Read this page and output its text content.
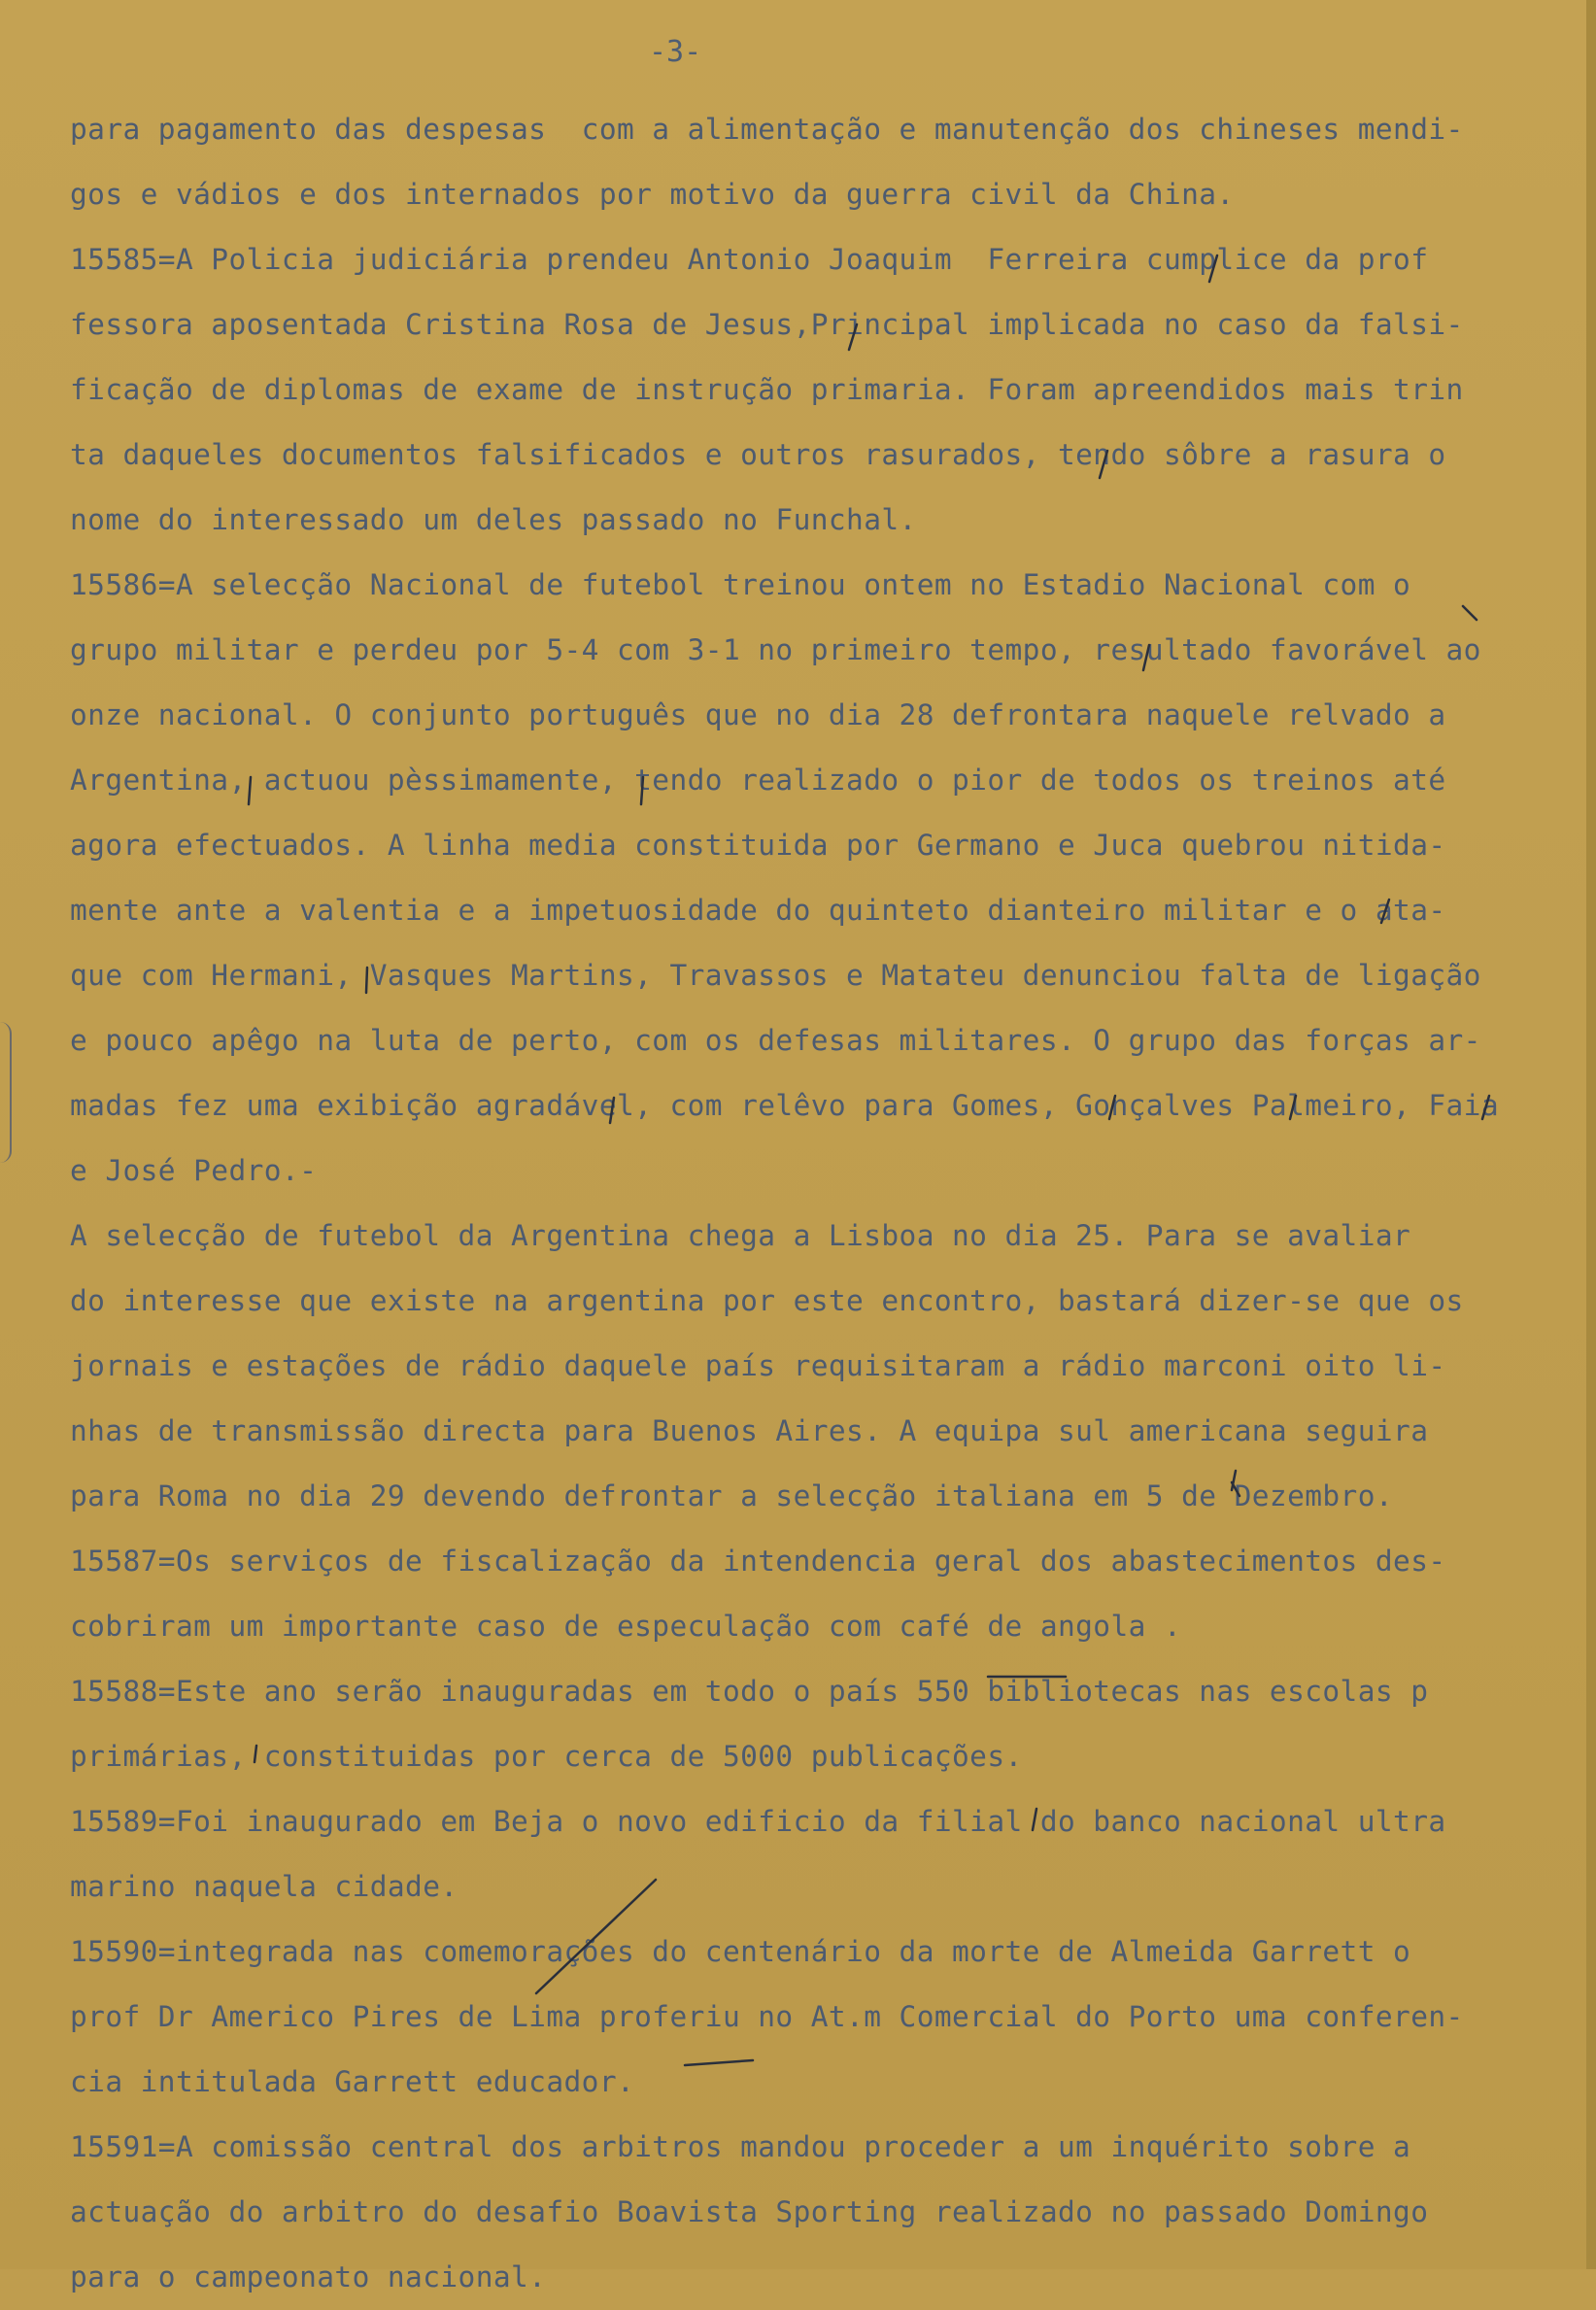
-3-

para pagamento das despesas  com a alimentação e manutenção dos chineses mendi-

gos e vádios e dos internados por motivo da guerra civil da China.

15585=A Policia judiciária prendeu Antonio Joaquim  Ferreira cumplice da prof

fessora aposentada Cristina Rosa de Jesus,Principal implicada no caso da falsi-

ficação de diplomas de exame de instrução primaria. Foram apreendidos mais trin

ta daqueles documentos falsificados e outros rasurados, tendo sôbre a rasura o

nome do interessado um deles passado no Funchal.

15586=A selecção Nacional de futebol treinou ontem no Estadio Nacional com o

grupo militar e perdeu por 5-4 com 3-1 no primeiro tempo, resultado favorável ao

onze nacional. O conjunto português que no dia 28 defrontara naquele relvado a

Argentina, actuou pèssimamente, tendo realizado o pior de todos os treinos até

agora efectuados. A linha media constituida por Germano e Juca quebrou nitida-

mente ante a valentia e a impetuosidade do quinteto dianteiro militar e o ata-

que com Hermani, Vasques Martins, Travassos e Matateu denunciou falta de ligação

e pouco apêgo na luta de perto, com os defesas militares. O grupo das forças ar-

madas fez uma exibição agradável, com relêvo para Gomes, Gonçalves Palmeiro, Faia

e José Pedro.-

A selecção de futebol da Argentina chega a Lisboa no dia 25. Para se avaliar

do interesse que existe na argentina por este encontro, bastará dizer-se que os

jornais e estações de rádio daquele país requisitaram a rádio marconi oito li-

nhas de transmissão directa para Buenos Aires. A equipa sul americana seguira

para Roma no dia 29 devendo defrontar a selecção italiana em 5 de Dezembro.

15587=Os serviços de fiscalização da intendencia geral dos abastecimentos des-

cobriram um importante caso de especulação com café de angola .

15588=Este ano serão inauguradas em todo o país 550 bibliotecas nas escolas p

primárias, constituidas por cerca de 5000 publicações.

15589=Foi inaugurado em Beja o novo edificio da filial do banco nacional ultra

marino naquela cidade.

15590=integrada nas comemorações do centenário da morte de Almeida Garrett o

prof Dr Americo Pires de Lima proferiu no At.m Comercial do Porto uma conferen-

cia intitulada Garrett educador.

15591=A comissão central dos arbitros mandou proceder a um inquérito sobre a

actuação do arbitro do desafio Boavista Sporting realizado no passado Domingo

para o campeonato nacional.
